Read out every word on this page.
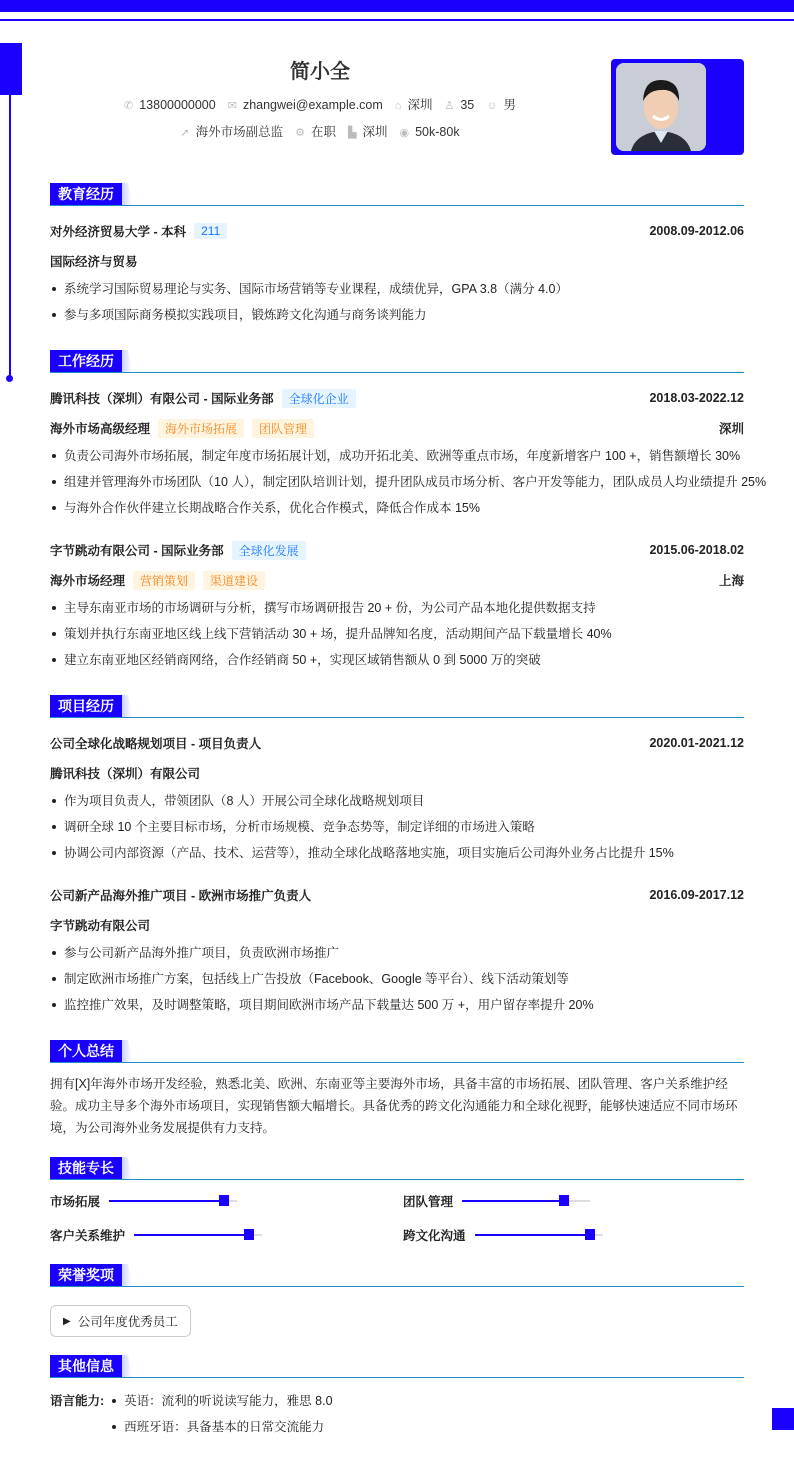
简小全
✆ 13800000000 ✉ zhangwei@example.com ⌂ 深圳 ♙ 35 ☺ 男
➚ 海外市场副总监 ⚙ 在职 ▙ 深圳 ◉ 50k-80k
教育经历
对外经济贸易大学 - 本科	211	2008.09-2012.06
国际经济与贸易
系统学习国际贸易理论与实务、国际市场营销等专业课程，成绩优异，GPA 3.8（满分 4.0）
参与多项国际商务模拟实践项目，锻炼跨文化沟通与商务谈判能力
工作经历
腾讯科技（深圳）有限公司 - 国际业务部	全球化企业	2018.03-2022.12
海外市场高级经理	海外市场拓展	团队管理	深圳
负责公司海外市场拓展，制定年度市场拓展计划，成功开拓北美、欧洲等重点市场，年度新增客户 100 +，销售额增长 30%
组建并管理海外市场团队（10 人），制定团队培训计划，提升团队成员市场分析、客户开发等能力，团队成员人均业绩提升 25%
与海外合作伙伴建立长期战略合作关系，优化合作模式，降低合作成本 15%
字节跳动有限公司 - 国际业务部	全球化发展	2015.06-2018.02
海外市场经理	营销策划	渠道建设	上海
主导东南亚市场的市场调研与分析，撰写市场调研报告 20 + 份，为公司产品本地化提供数据支持
策划并执行东南亚地区线上线下营销活动 30 + 场，提升品牌知名度，活动期间产品下载量增长 40%
建立东南亚地区经销商网络，合作经销商 50 +，实现区域销售额从 0 到 5000 万的突破
项目经历
公司全球化战略规划项目 - 项目负责人	2020.01-2021.12
腾讯科技（深圳）有限公司
作为项目负责人，带领团队（8 人）开展公司全球化战略规划项目
调研全球 10 个主要目标市场，分析市场规模、竞争态势等，制定详细的市场进入策略
协调公司内部资源（产品、技术、运营等），推动全球化战略落地实施，项目实施后公司海外业务占比提升 15%
公司新产品海外推广项目 - 欧洲市场推广负责人	2016.09-2017.12
字节跳动有限公司
参与公司新产品海外推广项目，负责欧洲市场推广
制定欧洲市场推广方案，包括线上广告投放（Facebook、Google 等平台）、线下活动策划等
监控推广效果，及时调整策略，项目期间欧洲市场产品下载量达 500 万 +，用户留存率提升 20%
个人总结

拥有[X]年海外市场开发经验，熟悉北美、欧洲、东南亚等主要海外市场，具备丰富的市场拓展、团队管理、客户关系维护经验。成功主导多个海外市场项目，实现销售额大幅增长。具备优秀的跨文化沟通能力和全球化视野，能够快速适应不同市场环境，为公司海外业务发展提供有力支持。

技能专长
市场拓展	团队管理
客户关系维护	跨文化沟通
荣誉奖项
▶ 公司年度优秀员工
其他信息
语言能力:	英语：流利的听说读写能力，雅思 8.0
西班牙语：具备基本的日常交流能力
